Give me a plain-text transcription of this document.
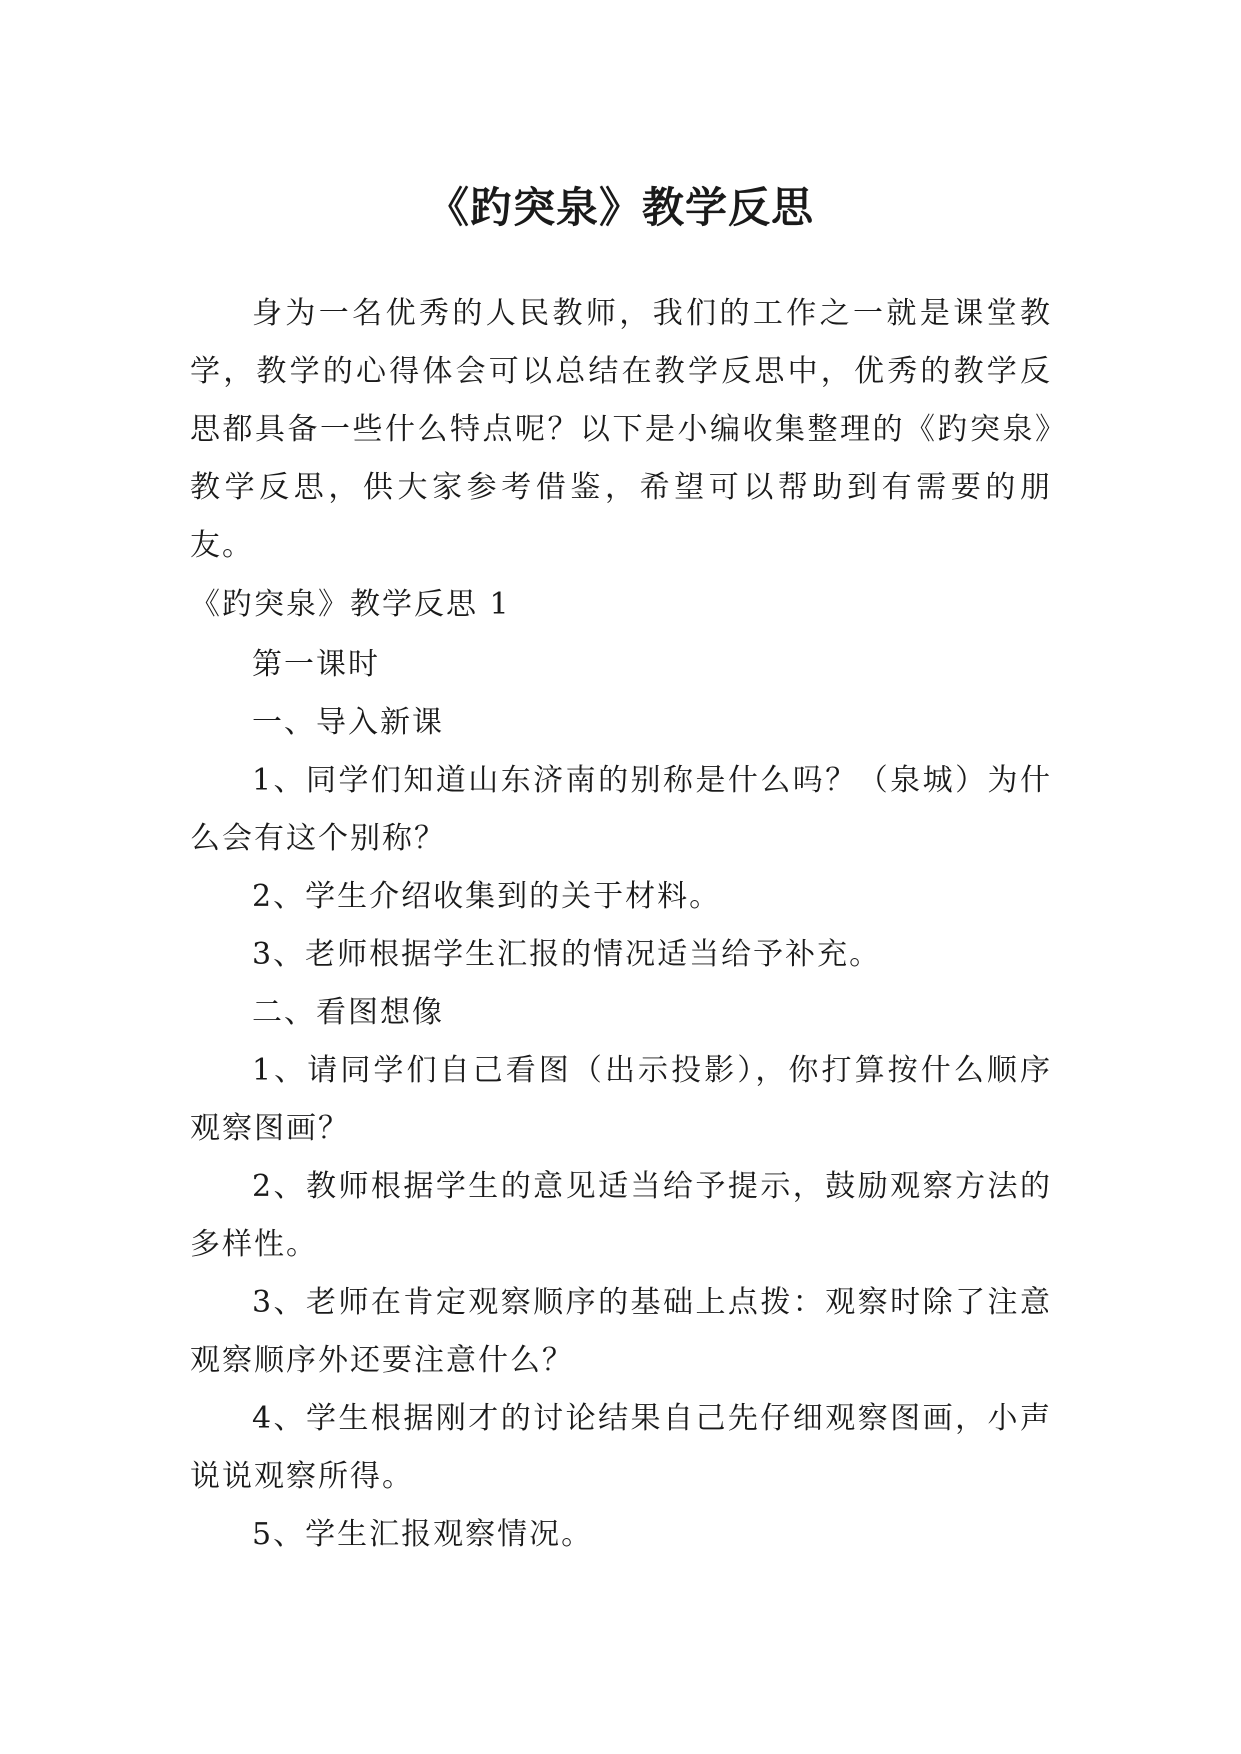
《趵突泉》教学反思

身为一名优秀的人民教师，我们的工作之一就是课堂教学，教学的心得体会可以总结在教学反思中，优秀的教学反思都具备一些什么特点呢？以下是小编收集整理的《趵突泉》教学反思，供大家参考借鉴，希望可以帮助到有需要的朋友。

《趵突泉》教学反思 1

第一课时

一、导入新课

1、同学们知道山东济南的别称是什么吗？（泉城）为什么会有这个别称？

2、学生介绍收集到的关于材料。

3、老师根据学生汇报的情况适当给予补充。

二、看图想像

1、请同学们自己看图（出示投影），你打算按什么顺序观察图画？

2、教师根据学生的意见适当给予提示，鼓励观察方法的多样性。

3、老师在肯定观察顺序的基础上点拨：观察时除了注意观察顺序外还要注意什么？

4、学生根据刚才的讨论结果自己先仔细观察图画，小声说说观察所得。

5、学生汇报观察情况。
